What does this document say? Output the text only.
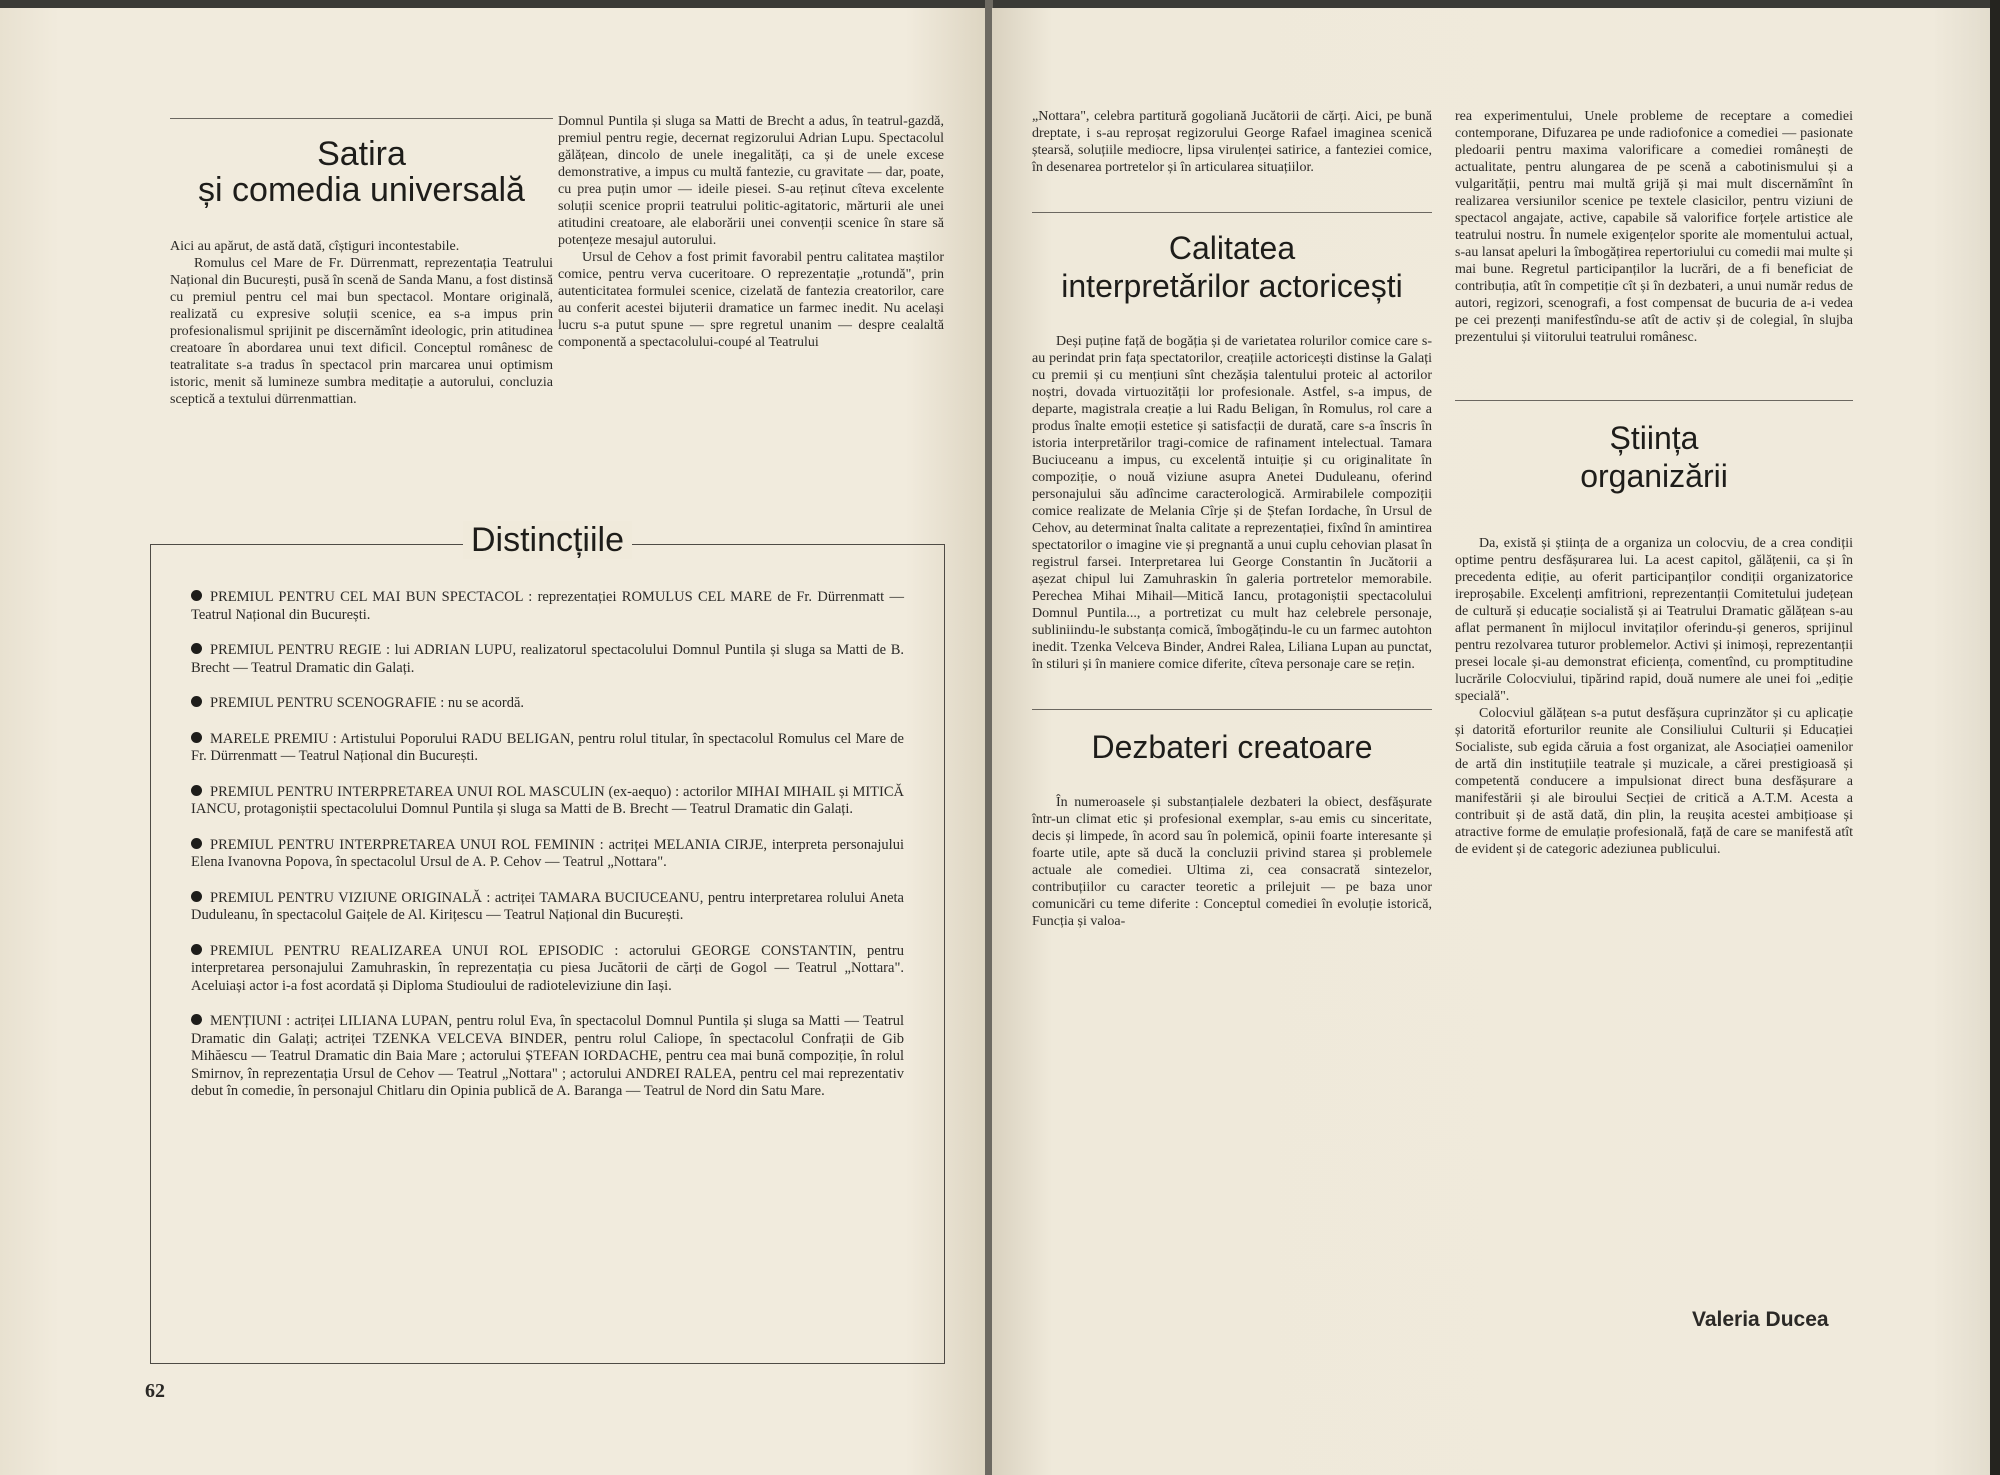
Satira
și comedia universală

Aici au apărut, de astă dată, cîștiguri incontestabile.

Romulus cel Mare de Fr. Dürrenmatt, reprezentația Teatrului Național din București, pusă în scenă de Sanda Manu, a fost distinsă cu premiul pentru cel mai bun spectacol. Montare originală, realizată cu expresive soluții scenice, ea s-a impus prin profesionalismul sprijinit pe discernămînt ideologic, prin atitudinea creatoare în abordarea unui text dificil. Conceptul românesc de teatralitate s-a tradus în spectacol prin marcarea unui optimism istoric, menit să lumineze sumbra meditație a autorului, concluzia sceptică a textului dürrenmattian.

Domnul Puntila și sluga sa Matti de Brecht a adus, în teatrul-gazdă, premiul pentru regie, decernat regizorului Adrian Lupu. Spectacolul gălățean, dincolo de unele inegalități, ca și de unele excese demonstrative, a impus cu multă fantezie, cu gravitate — dar, poate, cu prea puțin umor — ideile piesei. S-au reținut cîteva excelente soluții scenice proprii teatrului politic-agitatoric, mărturii ale unei atitudini creatoare, ale elaborării unei convenții scenice în stare să potențeze mesajul autorului.

Ursul de Cehov a fost primit favorabil pentru calitatea maștilor comice, pentru verva cuceritoare. O reprezentație „rotundă", prin autenticitatea formulei scenice, cizelată de fantezia creatorilor, care au conferit acestei bijuterii dramatice un farmec inedit. Nu același lucru s-a putut spune — spre regretul unanim — despre cealaltă componentă a spectacolului-coupé al Teatrului

Distincțiile
PREMIUL PENTRU CEL MAI BUN SPECTACOL : reprezentației ROMULUS CEL MARE de Fr. Dürrenmatt — Teatrul Național din București.
PREMIUL PENTRU REGIE : lui ADRIAN LUPU, realizatorul spectacolului Domnul Puntila și sluga sa Matti de B. Brecht — Teatrul Dramatic din Galați.
PREMIUL PENTRU SCENOGRAFIE : nu se acordă.
MARELE PREMIU : Artistului Poporului RADU BELIGAN, pentru rolul titular, în spectacolul Romulus cel Mare de Fr. Dürrenmatt — Teatrul Național din București.
PREMIUL PENTRU INTERPRETAREA UNUI ROL MASCULIN (ex-aequo) : actorilor MIHAI MIHAIL și MITICĂ IANCU, protagoniștii spectacolului Domnul Puntila și sluga sa Matti de B. Brecht — Teatrul Dramatic din Galați.
PREMIUL PENTRU INTERPRETAREA UNUI ROL FEMININ : actriței MELANIA CIRJE, interpreta personajului Elena Ivanovna Popova, în spectacolul Ursul de A. P. Cehov — Teatrul „Nottara".
PREMIUL PENTRU VIZIUNE ORIGINALĂ : actriței TAMARA BUCIUCEANU, pentru interpretarea rolului Aneta Duduleanu, în spectacolul Gaițele de Al. Kirițescu — Teatrul Național din București.
PREMIUL PENTRU REALIZAREA UNUI ROL EPISODIC : actorului GEORGE CONSTANTIN, pentru interpretarea personajului Zamuhraskin, în reprezentația cu piesa Jucătorii de cărți de Gogol — Teatrul „Nottara". Aceluiași actor i-a fost acordată și Diploma Studioului de radioteleviziune din Iași.
MENȚIUNI : actriței LILIANA LUPAN, pentru rolul Eva, în spectacolul Domnul Puntila și sluga sa Matti — Teatrul Dramatic din Galați; actriței TZENKA VELCEVA BINDER, pentru rolul Caliope, în spectacolul Confrații de Gib Mihăescu — Teatrul Dramatic din Baia Mare ; actorului ȘTEFAN IORDACHE, pentru cea mai bună compoziție, în rolul Smirnov, în reprezentația Ursul de Cehov — Teatrul „Nottara" ; actorului ANDREI RALEA, pentru cel mai reprezentativ debut în comedie, în personajul Chitlaru din Opinia publică de A. Baranga — Teatrul de Nord din Satu Mare.
62

„Nottara", celebra partitură gogoliană Jucătorii de cărți. Aici, pe bună dreptate, i s-au reproșat regizorului George Rafael imaginea scenică ștearsă, soluțiile mediocre, lipsa virulenței satirice, a fanteziei comice, în desenarea portretelor și în articularea situațiilor.

Calitatea
interpretărilor actoricești

Deși puține față de bogăția și de varietatea rolurilor comice care s-au perindat prin fața spectatorilor, creațiile actoricești distinse la Galați cu premii și cu mențiuni sînt chezășia talentului proteic al actorilor noștri, dovada virtuozității lor profesionale. Astfel, s-a impus, de departe, magistrala creație a lui Radu Beligan, în Romulus, rol care a produs înalte emoții estetice și satisfacții de durată, care s-a înscris în istoria interpretărilor tragi-comice de rafinament intelectual. Tamara Buciuceanu a impus, cu excelentă intuiție și cu originalitate în compoziție, o nouă viziune asupra Anetei Duduleanu, oferind personajului său adîncime caracterologică. Armirabilele compoziții comice realizate de Melania Cîrje și de Ștefan Iordache, în Ursul de Cehov, au determinat înalta calitate a reprezentației, fixînd în amintirea spectatorilor o imagine vie și pregnantă a unui cuplu cehovian plasat în registrul farsei. Interpretarea lui George Constantin în Jucătorii a așezat chipul lui Zamuhraskin în galeria portretelor memorabile. Perechea Mihai Mihail—Mitică Iancu, protagoniștii spectacolului Domnul Puntila..., a portretizat cu mult haz celebrele personaje, subliniindu-le substanța comică, îmbogățindu-le cu un farmec autohton inedit. Tzenka Velceva Binder, Andrei Ralea, Liliana Lupan au punctat, în stiluri și în maniere comice diferite, cîteva personaje care se rețin.

Dezbateri creatoare

În numeroasele și substanțialele dezbateri la obiect, desfășurate într-un climat etic și profesional exemplar, s-au emis cu sinceritate, decis și limpede, în acord sau în polemică, opinii foarte interesante și foarte utile, apte să ducă la concluzii privind starea și problemele actuale ale comediei. Ultima zi, cea consacrată sintezelor, contribuțiilor cu caracter teoretic a prilejuit — pe baza unor comunicări cu teme diferite : Conceptul comediei în evoluție istorică, Funcția și valoa-

rea experimentului, Unele probleme de receptare a comediei contemporane, Difuzarea pe unde radiofonice a comediei — pasionate pledoarii pentru maxima valorificare a comediei românești de actualitate, pentru alungarea de pe scenă a cabotinismului și a vulgarității, pentru mai multă grijă și mai mult discernămînt în realizarea versiunilor scenice pe textele clasicilor, pentru viziuni de spectacol angajate, active, capabile să valorifice forțele artistice ale teatrului nostru. În numele exigențelor sporite ale momentului actual, s-au lansat apeluri la îmbogățirea repertoriului cu comedii mai multe și mai bune. Regretul participanților la lucrări, de a fi beneficiat de contribuția, atît în competiție cît și în dezbateri, a unui număr redus de autori, regizori, scenografi, a fost compensat de bucuria de a-i vedea pe cei prezenți manifestîndu-se atît de activ și de colegial, în slujba prezentului și viitorului teatrului românesc.

Știința
organizării

Da, există și știința de a organiza un colocviu, de a crea condiții optime pentru desfășurarea lui. La acest capitol, gălățenii, ca și în precedenta ediție, au oferit participanților condiții organizatorice ireproșabile. Excelenți amfitrioni, reprezentanții Comitetului județean de cultură și educație socialistă și ai Teatrului Dramatic gălățean s-au aflat permanent în mijlocul invitaților oferindu-și generos, sprijinul pentru rezolvarea tuturor problemelor. Activi și inimoși, reprezentanții presei locale și-au demonstrat eficiența, comentînd, cu promptitudine lucrările Colocviului, tipărind rapid, două numere ale unei foi „ediție specială".

Colocviul gălățean s-a putut desfășura cuprinzător și cu aplicație și datorită eforturilor reunite ale Consiliului Culturii și Educației Socialiste, sub egida căruia a fost organizat, ale Asociației oamenilor de artă din instituțiile teatrale și muzicale, a cărei prestigioasă și competentă conducere a impulsionat direct buna desfășurare a manifestării și ale biroului Secției de critică a A.T.M. Acesta a contribuit și de astă dată, din plin, la reușita acestei ambițioase și atractive forme de emulație profesională, față de care se manifestă atît de evident și de categoric adeziunea publicului.

Valeria Ducea
